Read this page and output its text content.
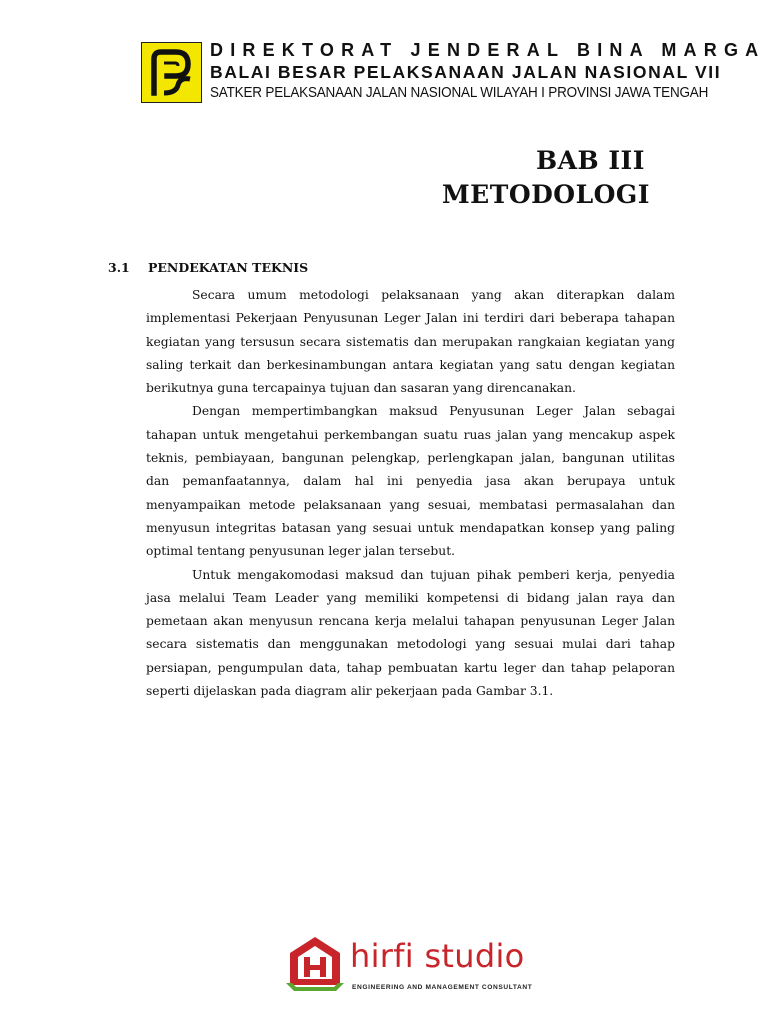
DIREKTORAT JENDERAL BINA MARGA
BALAI BESAR PELAKSANAAN JALAN NASIONAL VII
SATKER PELAKSANAAN JALAN NASIONAL WILAYAH I PROVINSI JAWA TENGAH
BAB III
METODOLOGI
3.1 PENDEKATAN TEKNIS

Secara umum metodologi pelaksanaan yang akan diterapkan dalam implementasi Pekerjaan Penyusunan Leger Jalan ini terdiri dari beberapa tahapan kegiatan yang tersusun secara sistematis dan merupakan rangkaian kegiatan yang saling terkait dan berkesinambungan antara kegiatan yang satu dengan kegiatan berikutnya guna tercapainya tujuan dan sasaran yang direncanakan.

Dengan mempertimbangkan maksud Penyusunan Leger Jalan sebagai tahapan untuk mengetahui perkembangan suatu ruas jalan yang mencakup aspek teknis, pembiayaan, bangunan pelengkap, perlengkapan jalan, bangunan utilitas dan pemanfaatannya, dalam hal ini penyedia jasa akan berupaya untuk menyampaikan metode pelaksanaan yang sesuai, membatasi permasalahan dan menyusun integritas batasan yang sesuai untuk mendapatkan konsep yang paling optimal tentang penyusunan leger jalan tersebut.

Untuk mengakomodasi maksud dan tujuan pihak pemberi kerja, penyedia jasa melalui Team Leader yang memiliki kompetensi di bidang jalan raya dan pemetaan akan menyusun rencana kerja melalui tahapan penyusunan Leger Jalan secara sistematis dan menggunakan metodologi yang sesuai mulai dari tahap persiapan, pengumpulan data, tahap pembuatan kartu leger dan tahap pelaporan seperti dijelaskan pada diagram alir pekerjaan pada Gambar 3.1.

hirfi studio
ENGINEERING AND MANAGEMENT CONSULTANT
